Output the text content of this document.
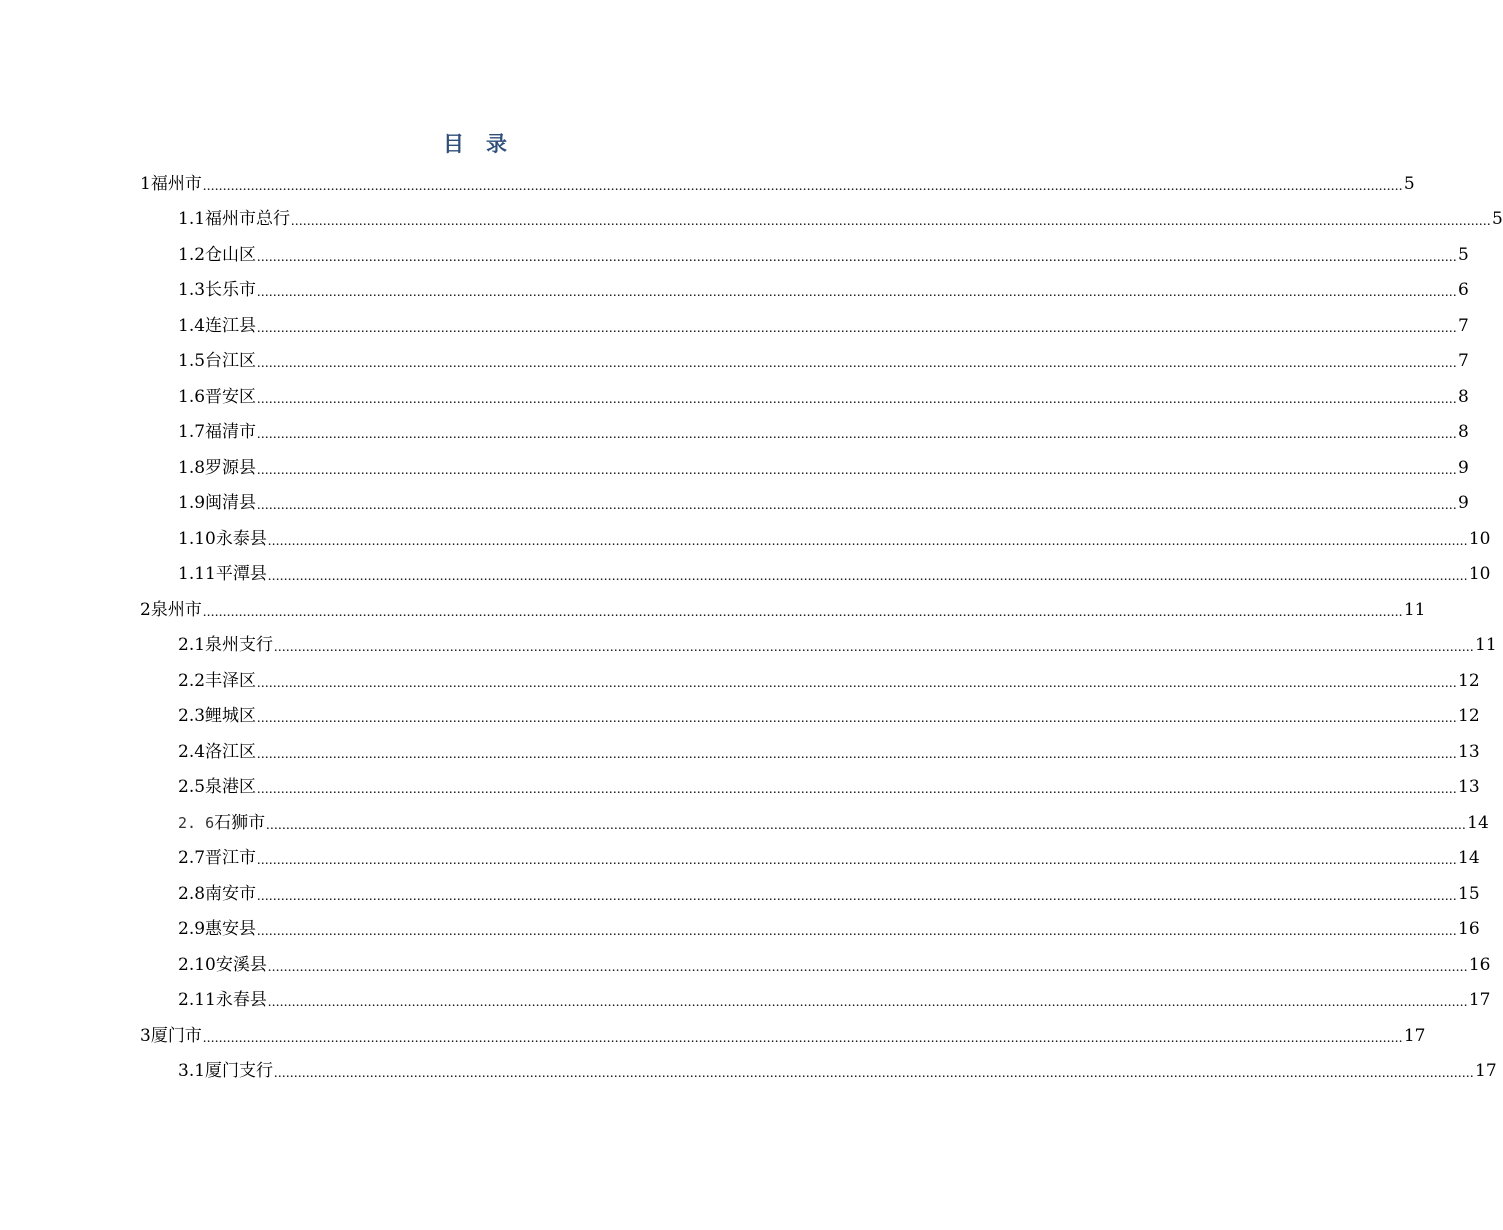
目 录
1 福州市 ............................................................................................................................................................................................................................................................................................................ 5
1.1 福州市总行 ............................................................................................................................................................................................................................................................................................................ 5
1.2 仓山区 ............................................................................................................................................................................................................................................................................................................ 5
1.3 长乐市 ............................................................................................................................................................................................................................................................................................................ 6
1.4 连江县 ............................................................................................................................................................................................................................................................................................................ 7
1.5 台江区 ............................................................................................................................................................................................................................................................................................................ 7
1.6 晋安区 ............................................................................................................................................................................................................................................................................................................ 8
1.7 福清市 ............................................................................................................................................................................................................................................................................................................ 8
1.8 罗源县 ............................................................................................................................................................................................................................................................................................................ 9
1.9 闽清县 ............................................................................................................................................................................................................................................................................................................ 9
1.10 永泰县 ............................................................................................................................................................................................................................................................................................................ 10
1.11 平潭县 ............................................................................................................................................................................................................................................................................................................ 10
2 泉州市 ............................................................................................................................................................................................................................................................................................................ 11
2.1 泉州支行 ............................................................................................................................................................................................................................................................................................................ 11
2.2 丰泽区 ............................................................................................................................................................................................................................................................................................................ 12
2.3 鲤城区 ............................................................................................................................................................................................................................................................................................................ 12
2.4 洛江区 ............................................................................................................................................................................................................................................................................................................ 13
2.5 泉港区 ............................................................................................................................................................................................................................................................................................................ 13
2. 6 石狮市 ............................................................................................................................................................................................................................................................................................................ 14
2.7 晋江市 ............................................................................................................................................................................................................................................................................................................ 14
2.8 南安市 ............................................................................................................................................................................................................................................................................................................ 15
2.9 惠安县 ............................................................................................................................................................................................................................................................................................................ 16
2.10 安溪县 ............................................................................................................................................................................................................................................................................................................ 16
2.11 永春县 ............................................................................................................................................................................................................................................................................................................ 17
3 厦门市 ............................................................................................................................................................................................................................................................................................................ 17
3.1 厦门支行 ............................................................................................................................................................................................................................................................................................................ 17
